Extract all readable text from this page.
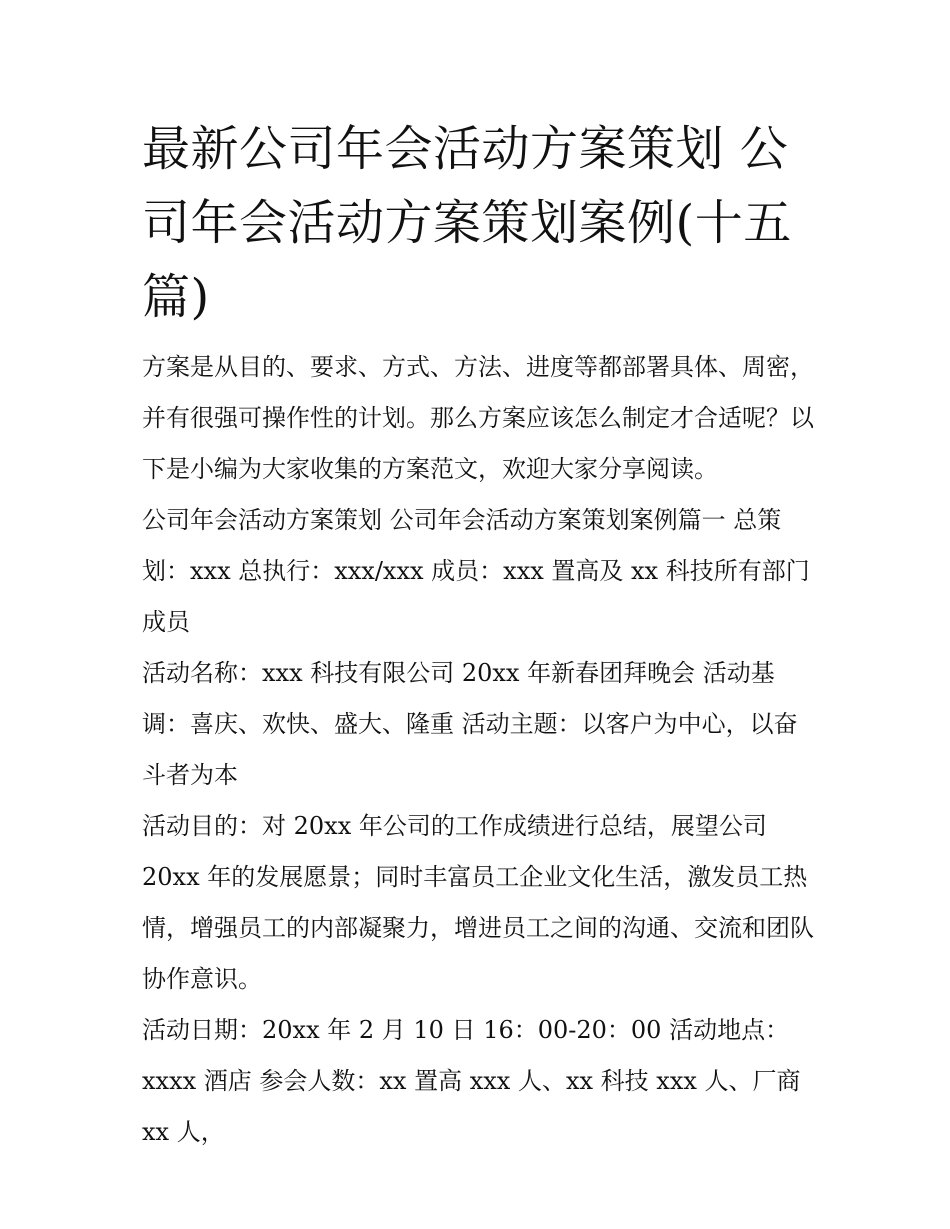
最新公司年会活动方案策划 公司年会活动方案策划案例(十五篇)

方案是从目的、要求、方式、方法、进度等都部署具体、周密，并有很强可操作性的计划。那么方案应该怎么制定才合适呢？以下是小编为大家收集的方案范文，欢迎大家分享阅读。

公司年会活动方案策划 公司年会活动方案策划案例篇一 总策划：xxx 总执行：xxx/xxx 成员：xxx 置高及 xx 科技所有部门成员

活动名称：xxx 科技有限公司 20xx 年新春团拜晚会 活动基调：喜庆、欢快、盛大、隆重 活动主题：以客户为中心，以奋斗者为本

活动目的：对 20xx 年公司的工作成绩进行总结，展望公司 20xx 年的发展愿景；同时丰富员工企业文化生活，激发员工热情，增强员工的内部凝聚力，增进员工之间的沟通、交流和团队协作意识。

活动日期：20xx 年 2 月 10 日 16：00-20：00 活动地点：xxxx 酒店 参会人数：xx 置高 xxx 人、xx 科技 xxx 人、厂商 xx 人，
